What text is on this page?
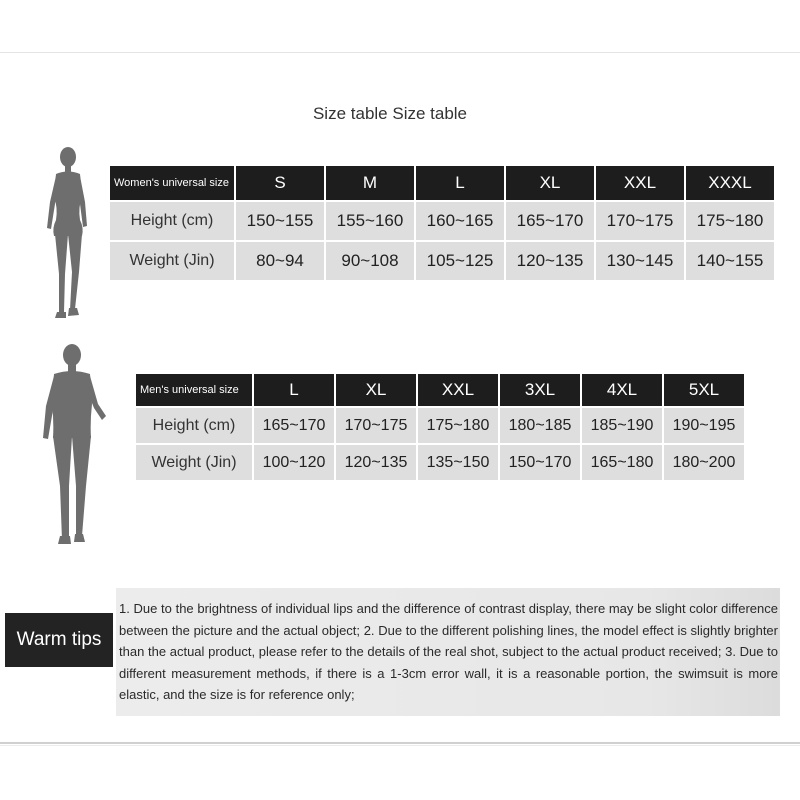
Size table Size table
Women's universal size	S	M	L	XL	XXL	XXXL
Height (cm)	150~155	155~160	160~165	165~170	170~175	175~180
Weight (Jin)	80~94	90~108	105~125	120~135	130~145	140~155
Men's universal size	L	XL	XXL	3XL	4XL	5XL
Height (cm)	165~170	170~175	175~180	180~185	185~190	190~195
Weight (Jin)	100~120	120~135	135~150	150~170	165~180	180~200
Warm tips
1. Due to the brightness of individual lips and the difference of contrast display, there may be slight color difference between the picture and the actual object; 2. Due to the different polishing lines, the model effect is slightly brighter than the actual product, please refer to the details of the real shot, subject to the actual product received; 3. Due to different measurement methods, if there is a 1-3cm error wall, it is a reasonable portion, the swimsuit is more elastic, and the size is for reference only;
